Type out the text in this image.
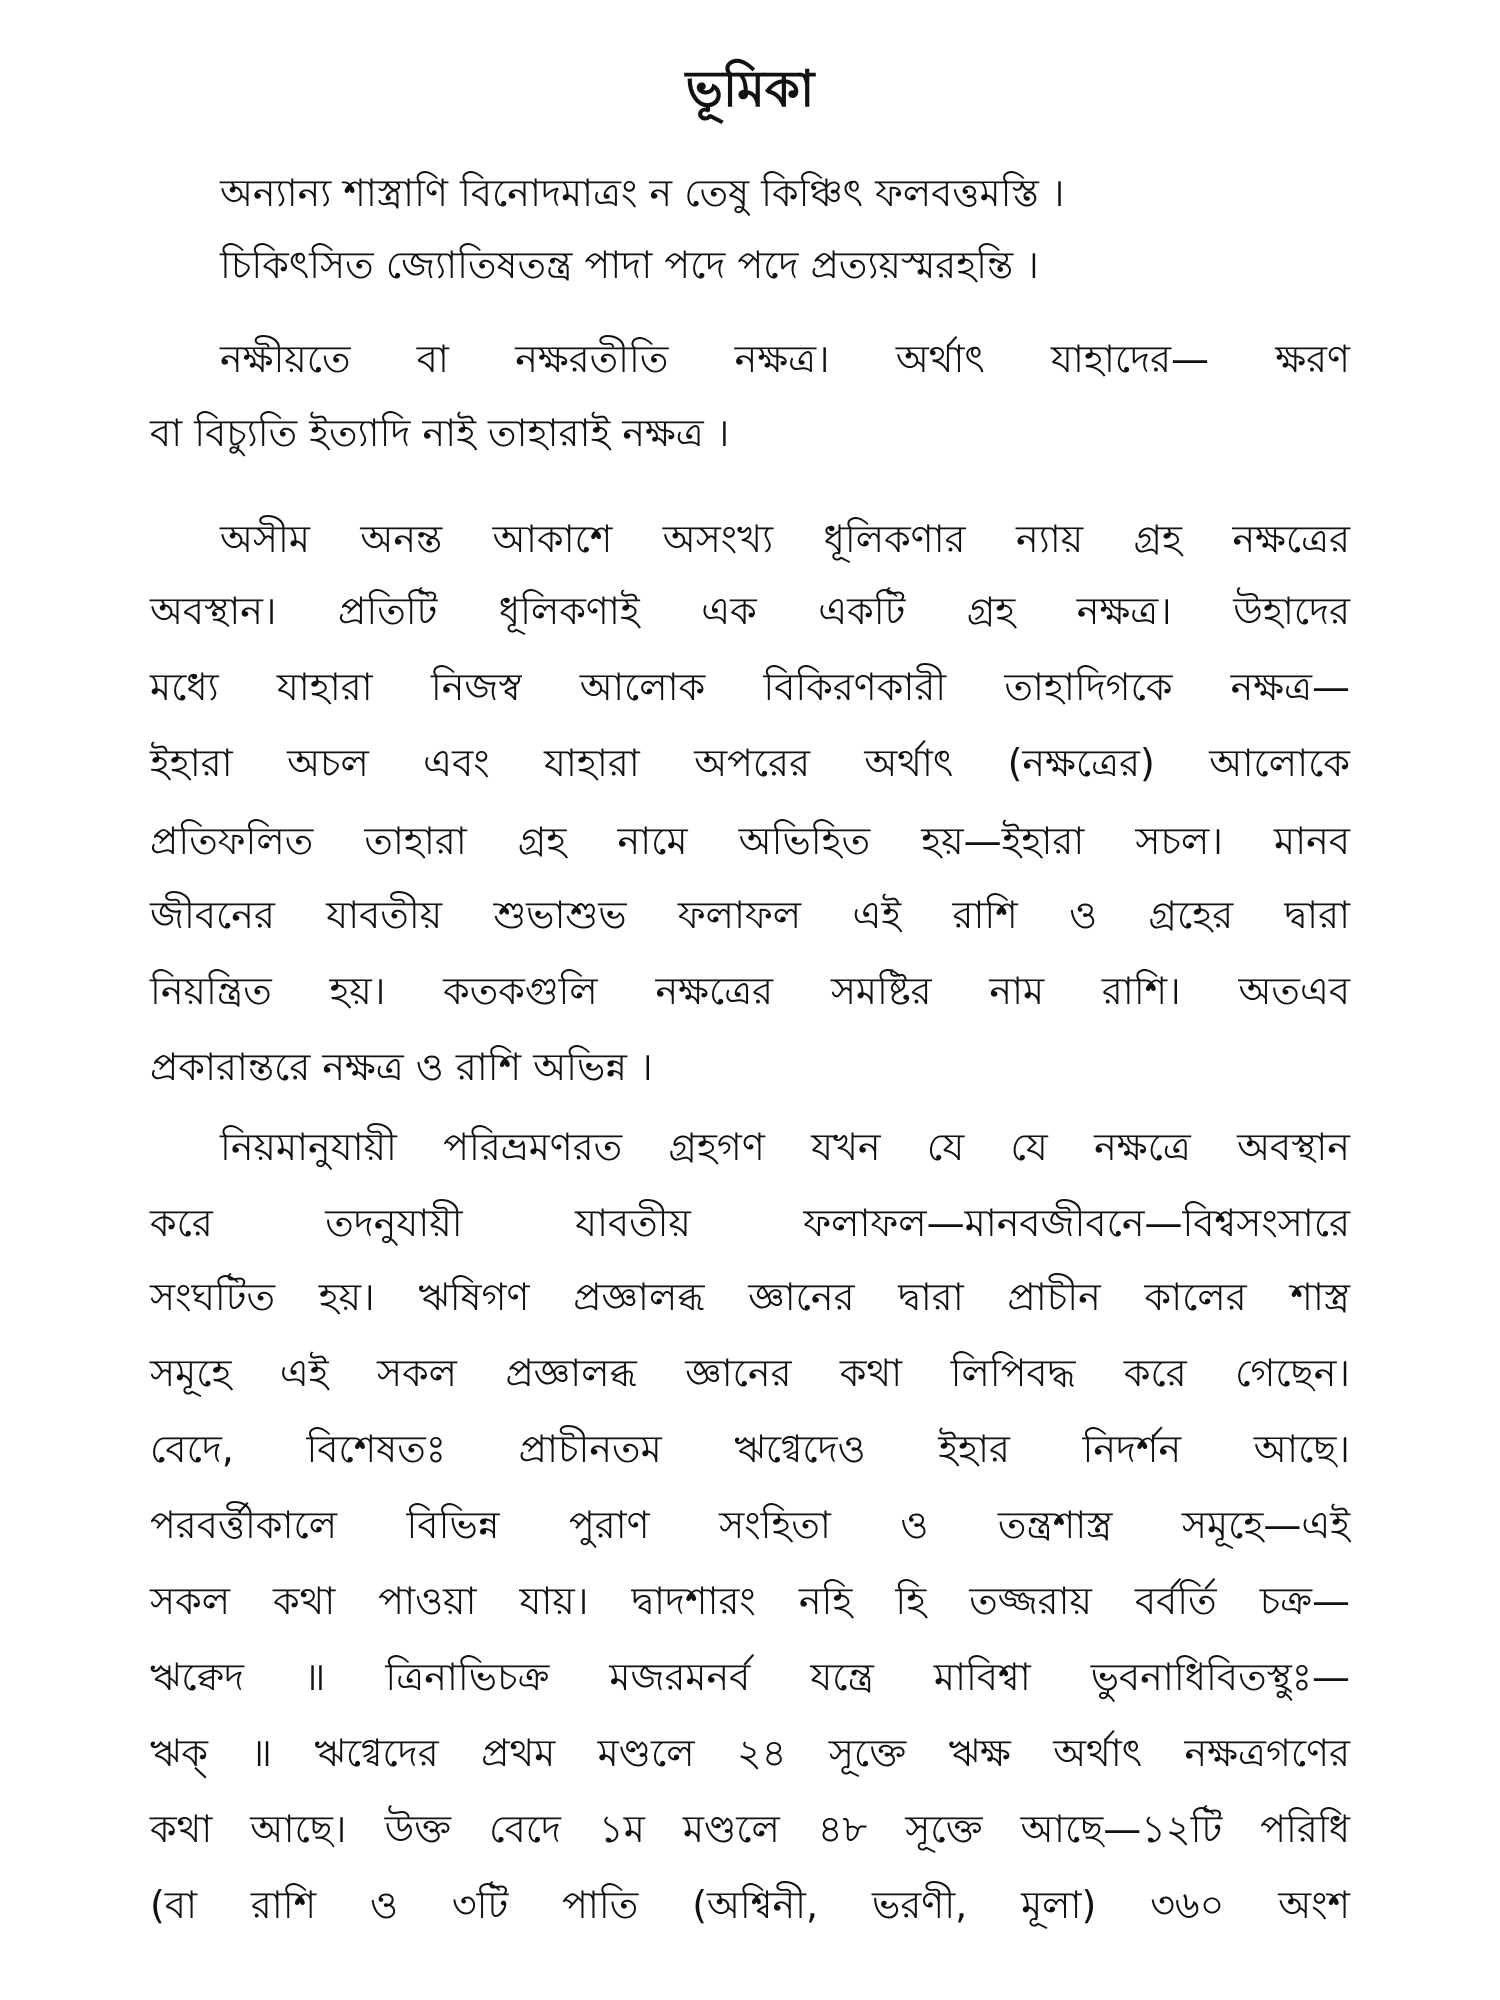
ভূমিকা
অন্যান্য শাস্ত্রাণি বিনোদমাত্রং ন তেষু কিঞ্চিৎ ফলবত্তমস্তি ।
চিকিৎসিত জ্যোতিষতন্ত্র পাদা পদে পদে প্রত্যয়স্মরহন্তি ।
নক্ষীয়তে বা নক্ষরতীতি নক্ষত্র। অর্থাৎ যাহাদের— ক্ষরণ
বা বিচ্যুতি ইত্যাদি নাই তাহারাই নক্ষত্র ।
অসীম অনন্ত আকাশে অসংখ্য ধূলিকণার ন্যায় গ্রহ নক্ষত্রের
অবস্থান। প্রতিটি ধূলিকণাই এক একটি গ্রহ নক্ষত্র। উহাদের
মধ্যে যাহারা নিজস্ব আলোক বিকিরণকারী তাহাদিগকে নক্ষত্র—
ইহারা অচল এবং যাহারা অপরের অর্থাৎ (নক্ষত্রের) আলোকে
প্রতিফলিত তাহারা গ্রহ নামে অভিহিত হয়—ইহারা সচল। মানব
জীবনের যাবতীয় শুভাশুভ ফলাফল এই রাশি ও গ্রহের দ্বারা
নিয়ন্ত্রিত হয়। কতকগুলি নক্ষত্রের সমষ্টির নাম রাশি। অতএব
প্রকারান্তরে নক্ষত্র ও রাশি অভিন্ন ।
নিয়মানুযায়ী পরিভ্রমণরত গ্রহগণ যখন যে যে নক্ষত্রে অবস্থান
করে তদনুযায়ী যাবতীয় ফলাফল—মানবজীবনে—বিশ্বসংসারে
সংঘটিত হয়। ঋষিগণ প্রজ্ঞালব্ধ জ্ঞানের দ্বারা প্রাচীন কালের শাস্ত্র
সমূহে এই সকল প্রজ্ঞালব্ধ জ্ঞানের কথা লিপিবদ্ধ করে গেছেন।
বেদে, বিশেষতঃ প্রাচীনতম ঋগ্বেদেও ইহার নিদর্শন আছে।
পরবর্ত্তীকালে বিভিন্ন পুরাণ সংহিতা ও তন্ত্রশাস্ত্র সমূহে—এই
সকল কথা পাওয়া যায়। দ্বাদশারং নহি হি তজ্জরায় বর্বর্তি চক্র—
ঋক্বেদ ॥ ত্রিনাভিচক্র মজরমনর্ব যন্ত্রে মাবিশ্বা ভুবনাধিবিতস্থুঃ—
ঋক্ ॥ ঋগ্বেদের প্রথম মণ্ডলে ২৪ সূক্তে ঋক্ষ অর্থাৎ নক্ষত্রগণের
কথা আছে। উক্ত বেদে ১ম মণ্ডলে ৪৮ সূক্তে আছে—১২টি পরিধি
(বা রাশি ও ৩টি পাতি (অশ্বিনী, ভরণী, মূলা) ৩৬০ অংশ
